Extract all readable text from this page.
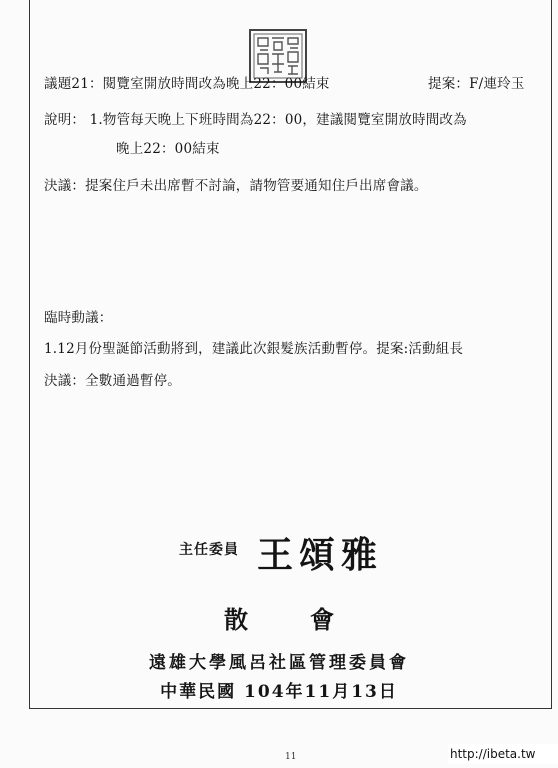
議題21：閱覽室開放時間改為晚上22：00結束	提案：F/連玲玉
說明： 1.物管每天晚上下班時間為22：00，建議閱覽室開放時間改為
晚上22：00結束
決議：提案住戶未出席暫不討論，請物管要通知住戶出席會議。
臨時動議：
1.12月份聖誕節活動將到，建議此次銀髮族活動暫停。提案:活動組長
決議：全數通過暫停。
主任委員 王頌雅
散會
遠雄大學風呂社區管理委員會
中華民國 104年11月13日
11	http://ibeta.tw
